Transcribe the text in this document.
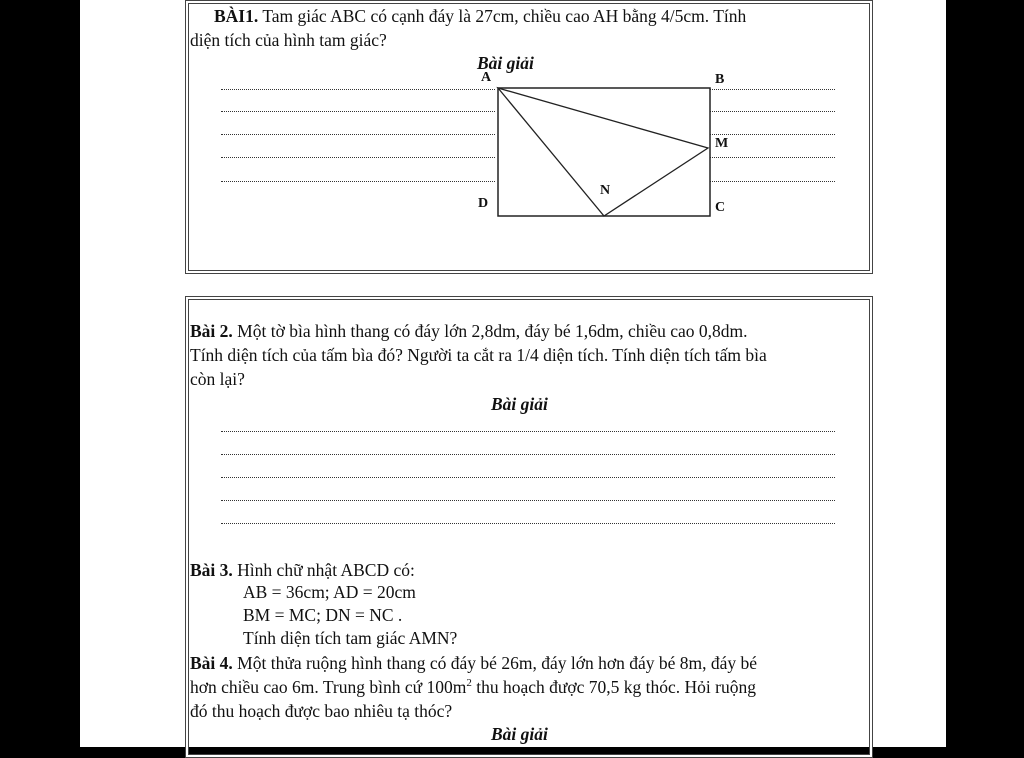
BÀI1. Tam giác ABC có cạnh đáy là 27cm, chiều cao AH bằng 4/5cm. Tính
diện tích của hình tam giác?
Bài giải
A	B
M
N
D	C
Bài 2. Một tờ bìa hình thang có đáy lớn 2,8dm, đáy bé 1,6dm, chiều cao 0,8dm.
Tính diện tích của tấm bìa đó? Người ta cắt ra 1/4 diện tích. Tính diện tích tấm bìa
còn lại?
Bài giải
Bài 3. Hình chữ nhật ABCD có:
AB = 36cm; AD = 20cm
BM = MC; DN = NC .
Tính diện tích tam giác AMN?
Bài 4. Một thửa ruộng hình thang có đáy bé 26m, đáy lớn hơn đáy bé 8m, đáy bé
hơn chiều cao 6m. Trung bình cứ $100m^2$ thu hoạch được 70,5 kg thóc. Hỏi ruộng
đó thu hoạch được bao nhiêu tạ thóc?
Bài giải
